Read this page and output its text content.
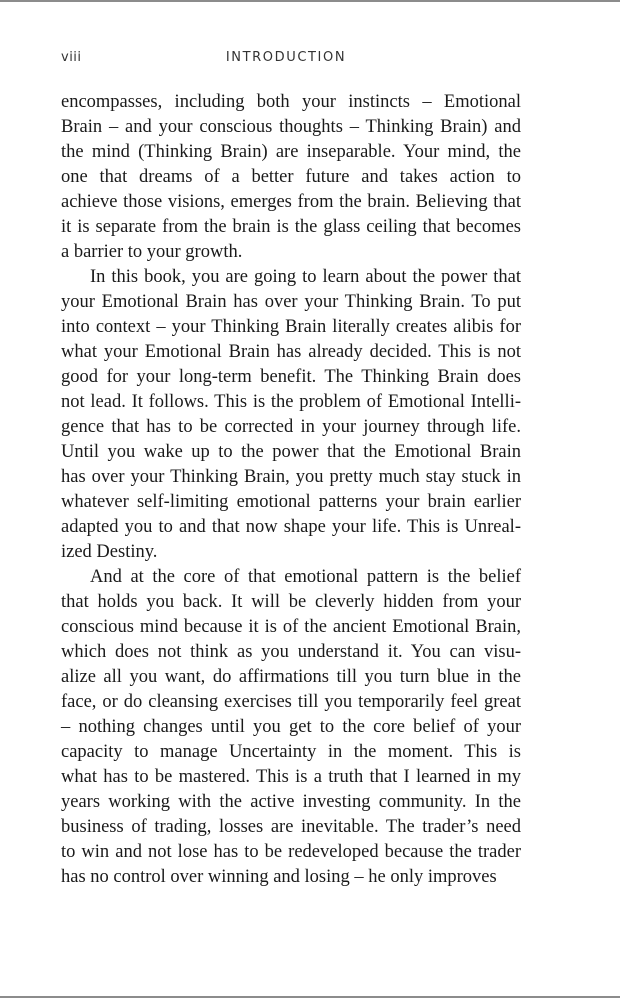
viii	INTRODUCTION
encompasses, including both your instincts – Emotional
Brain – and your conscious thoughts – Thinking Brain) and
the mind (Thinking Brain) are inseparable. Your mind, the
one that dreams of a better future and takes action to
achieve those visions, emerges from the brain. Believing that
it is separate from the brain is the glass ceiling that becomes
a barrier to your growth.
In this book, you are going to learn about the power that
your Emotional Brain has over your Thinking Brain. To put
into context – your Thinking Brain literally creates alibis for
what your Emotional Brain has already decided. This is not
good for your long-term benefit. The Thinking Brain does
not lead. It follows. This is the problem of Emotional Intelli-
gence that has to be corrected in your journey through life.
Until you wake up to the power that the Emotional Brain
has over your Thinking Brain, you pretty much stay stuck in
whatever self-limiting emotional patterns your brain earlier
adapted you to and that now shape your life. This is Unreal-
ized Destiny.
And at the core of that emotional pattern is the belief
that holds you back. It will be cleverly hidden from your
conscious mind because it is of the ancient Emotional Brain,
which does not think as you understand it. You can visu-
alize all you want, do affirmations till you turn blue in the
face, or do cleansing exercises till you temporarily feel great
– nothing changes until you get to the core belief of your
capacity to manage Uncertainty in the moment. This is
what has to be mastered. This is a truth that I learned in my
years working with the active investing community. In the
business of trading, losses are inevitable. The trader’s need
to win and not lose has to be redeveloped because the trader
has no control over winning and losing – he only improves
